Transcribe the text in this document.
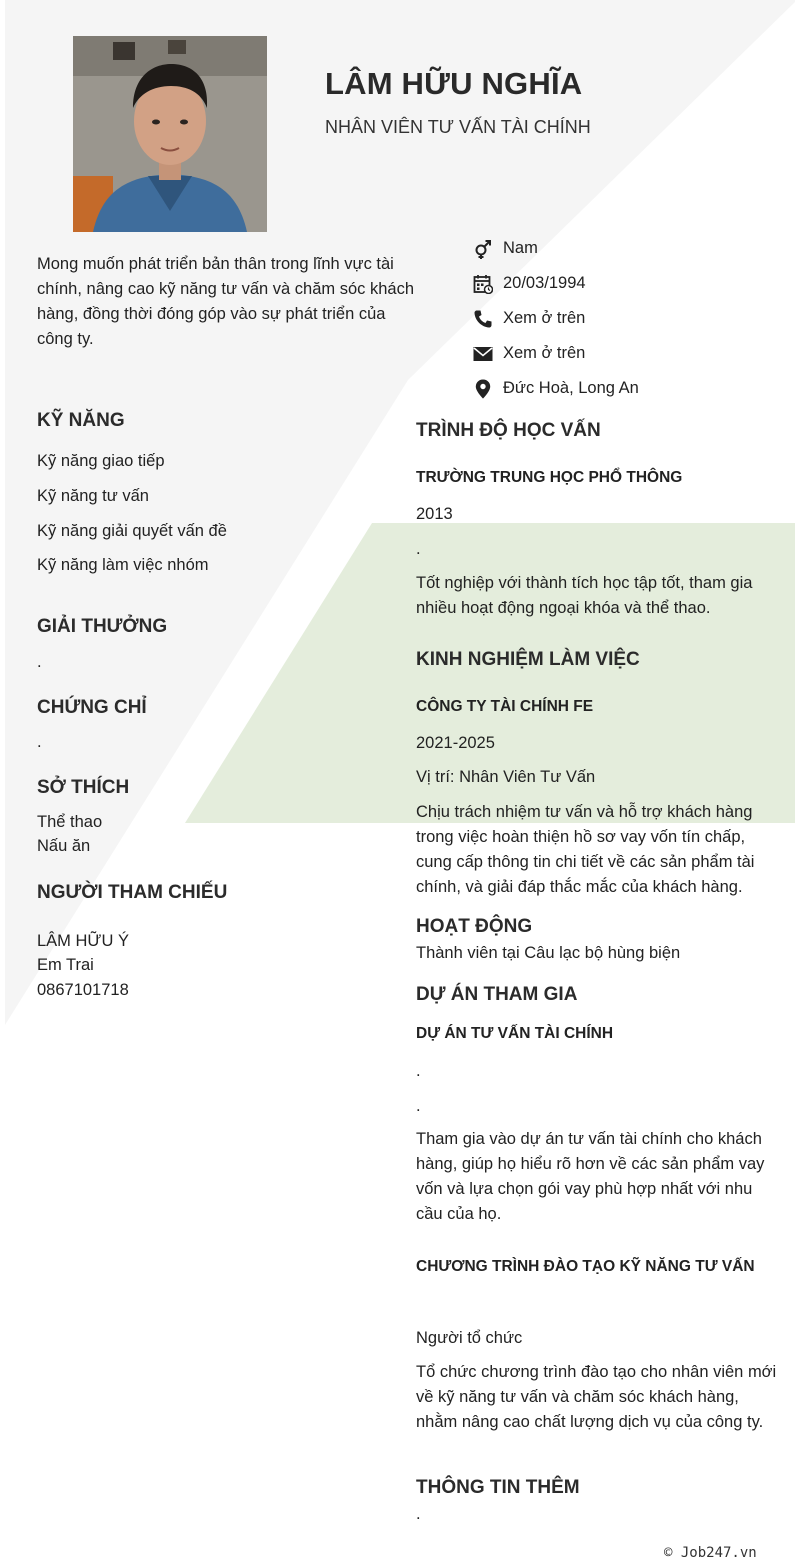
LÂM HỮU NGHĨA
NHÂN VIÊN TƯ VẤN TÀI CHÍNH
Mong muốn phát triển bản thân trong lĩnh vực tài chính, nâng cao kỹ năng tư vấn và chăm sóc khách hàng, đồng thời đóng góp vào sự phát triển của công ty.
Nam
20/03/1994
Xem ở trên
Xem ở trên
Đức Hoà, Long An
KỸ NĂNG
Kỹ năng giao tiếp
Kỹ năng tư vấn
Kỹ năng giải quyết vấn đề
Kỹ năng làm việc nhóm
GIẢI THƯỞNG
.
CHỨNG CHỈ
.
SỞ THÍCH
Thể thao
Nấu ăn
NGƯỜI THAM CHIẾU
LÂM HỮU Ý
Em Trai
0867101718
TRÌNH ĐỘ HỌC VẤN
TRƯỜNG TRUNG HỌC PHỔ THÔNG
2013
.
Tốt nghiệp với thành tích học tập tốt, tham gia nhiều hoạt động ngoại khóa và thể thao.
KINH NGHIỆM LÀM VIỆC
CÔNG TY TÀI CHÍNH FE
2021-2025
Vị trí: Nhân Viên Tư Vấn
Chịu trách nhiệm tư vấn và hỗ trợ khách hàng trong việc hoàn thiện hồ sơ vay vốn tín chấp, cung cấp thông tin chi tiết về các sản phẩm tài chính, và giải đáp thắc mắc của khách hàng.
HOẠT ĐỘNG
Thành viên tại Câu lạc bộ hùng biện
DỰ ÁN THAM GIA
DỰ ÁN TƯ VẤN TÀI CHÍNH
.
.
Tham gia vào dự án tư vấn tài chính cho khách hàng, giúp họ hiểu rõ hơn về các sản phẩm vay vốn và lựa chọn gói vay phù hợp nhất với nhu cầu của họ.
CHƯƠNG TRÌNH ĐÀO TẠO KỸ NĂNG TƯ VẤN
Người tổ chức
Tổ chức chương trình đào tạo cho nhân viên mới về kỹ năng tư vấn và chăm sóc khách hàng, nhằm nâng cao chất lượng dịch vụ của công ty.
THÔNG TIN THÊM
.
© Job247.vn
